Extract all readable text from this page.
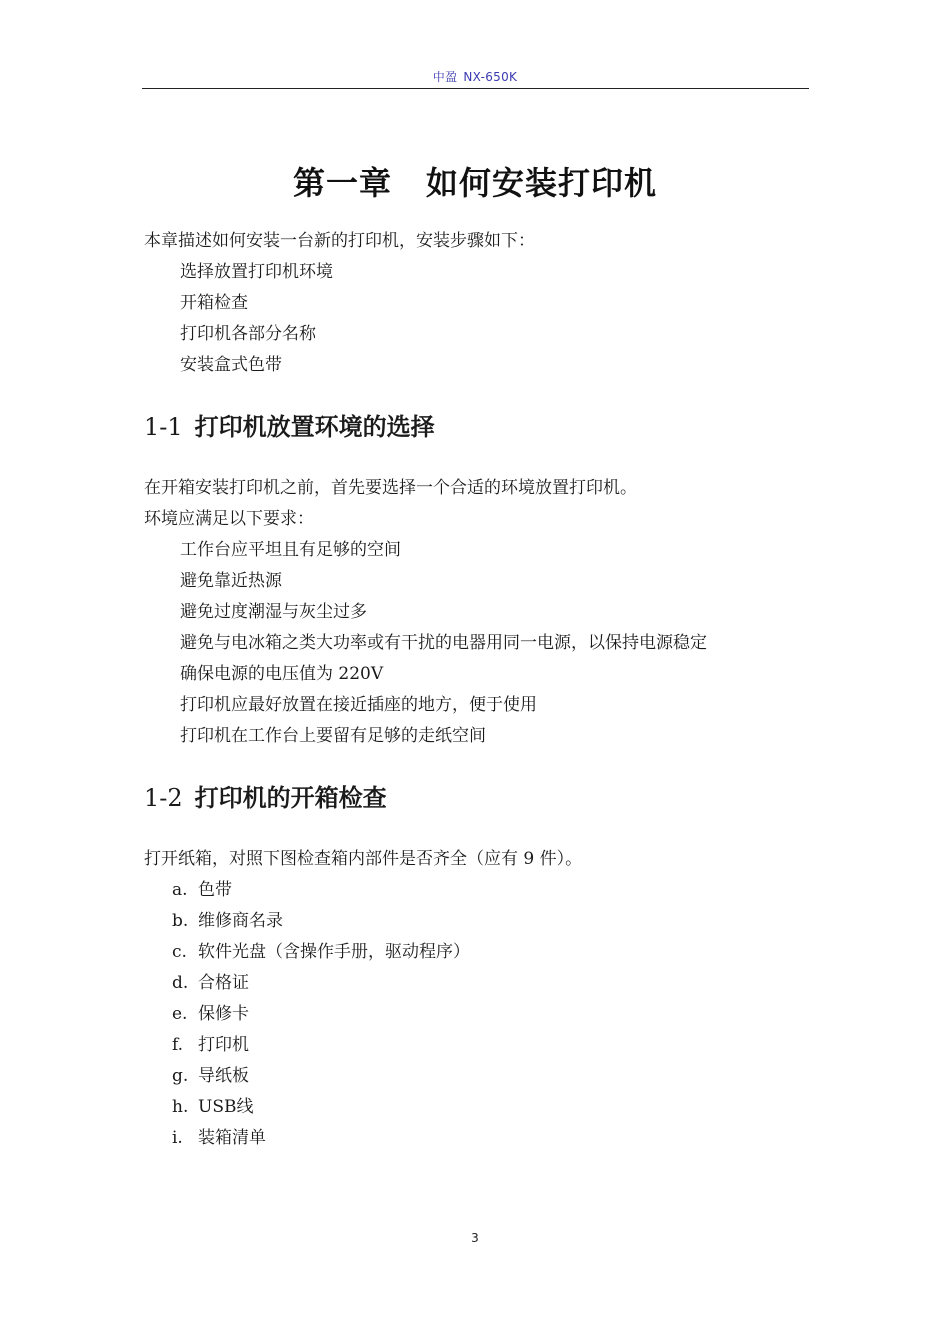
中盈 NX-650K
第一章 如何安装打印机
本章描述如何安装一台新的打印机，安装步骤如下：
选择放置打印机环境
开箱检查
打印机各部分名称
安装盒式色带
1-1 打印机放置环境的选择
在开箱安装打印机之前，首先要选择一个合适的环境放置打印机。
环境应满足以下要求：
工作台应平坦且有足够的空间
避免靠近热源
避免过度潮湿与灰尘过多
避免与电冰箱之类大功率或有干扰的电器用同一电源，以保持电源稳定
确保电源的电压值为 220V
打印机应最好放置在接近插座的地方，便于使用
打印机在工作台上要留有足够的走纸空间
1-2 打印机的开箱检查
打开纸箱，对照下图检查箱内部件是否齐全（应有 9 件）。
a. 色带
b. 维修商名录
c. 软件光盘（含操作手册，驱动程序）
d. 合格证
e. 保修卡
f. 打印机
g. 导纸板
h. USB线
i. 装箱清单
3
